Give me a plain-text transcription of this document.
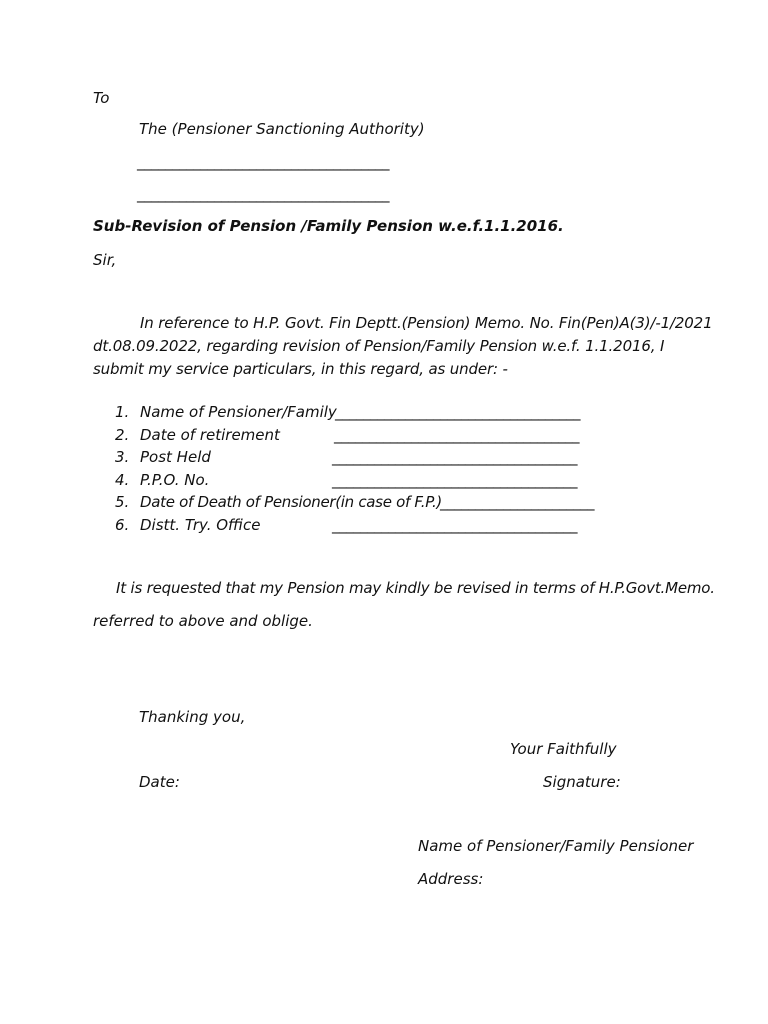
To
The (Pensioner Sanctioning Authority)
____________________________________
____________________________________
Sub-Revision of Pension /Family Pension w.e.f.1.1.2016.
Sir,

In reference to H.P. Govt. Fin Deptt.(Pension) Memo. No. Fin(Pen)A(3)/-1/2021 dt.08.09.2022, regarding revision of Pension/Family Pension w.e.f. 1.1.2016, I submit my service particulars, in this regard, as under: -

1. Name of Pensioner/Family
___________________________________
2. Date of retirement	___________________________________
3. Post Held	___________________________________
4. P.P.O. No.	___________________________________
5. Date of Death of Pensioner(in case of F.P.)
______________________
6. Distt. Try. Office	___________________________________
It is requested that my Pension may kindly be revised in terms of H.P.Govt.Memo.
referred to above and oblige.
Thanking you,
Your Faithfully
Date:	Signature:
Name of Pensioner/Family Pensioner
Address:
